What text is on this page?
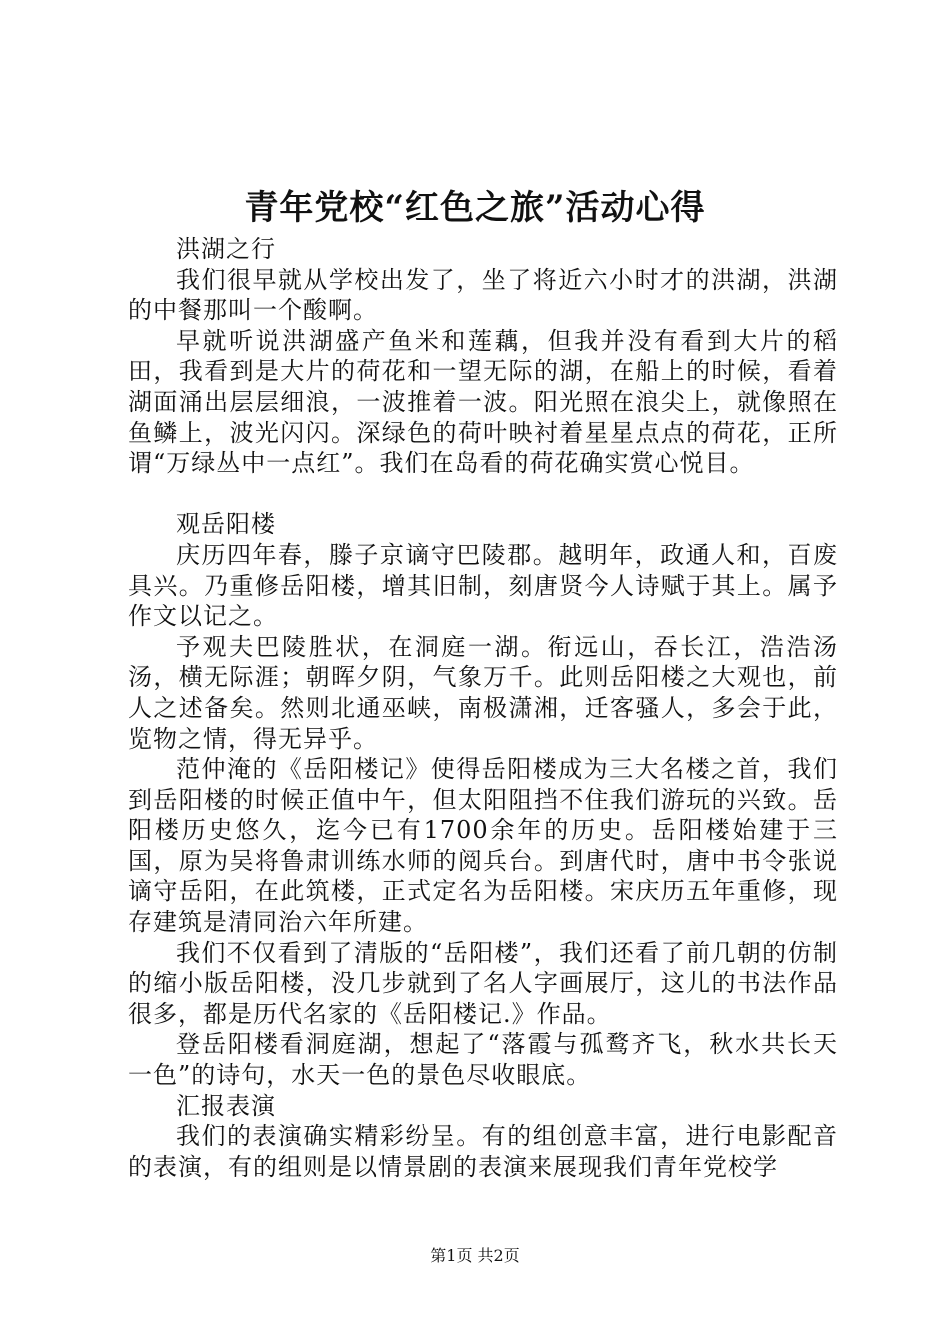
青年党校“红色之旅”活动心得
洪湖之行
我们很早就从学校出发了，坐了将近六小时才的洪湖，洪湖的中餐那叫一个酸啊。
早就听说洪湖盛产鱼米和莲藕，但我并没有看到大片的稻田，我看到是大片的荷花和一望无际的湖，在船上的时候，看着湖面涌出层层细浪，一波推着一波。阳光照在浪尖上，就像照在鱼鳞上，波光闪闪。深绿色的荷叶映衬着星星点点的荷花，正所谓“万绿丛中一点红”。我们在岛看的荷花确实赏心悦目。
观岳阳楼
庆历四年春，滕子京谪守巴陵郡。越明年，政通人和，百废具兴。乃重修岳阳楼，增其旧制，刻唐贤今人诗赋于其上。属予作文以记之。
予观夫巴陵胜状，在洞庭一湖。衔远山，吞长江，浩浩汤汤，横无际涯；朝晖夕阴，气象万千。此则岳阳楼之大观也，前人之述备矣。然则北通巫峡，南极潇湘，迁客骚人，多会于此，览物之情，得无异乎。
范仲淹的《岳阳楼记》使得岳阳楼成为三大名楼之首，我们到岳阳楼的时候正值中午，但太阳阻挡不住我们游玩的兴致。岳阳楼历史悠久，迄今已有1700余年的历史。岳阳楼始建于三国，原为吴将鲁肃训练水师的阅兵台。到唐代时，唐中书令张说谪守岳阳，在此筑楼，正式定名为岳阳楼。宋庆历五年重修，现存建筑是清同治六年所建。
我们不仅看到了清版的“岳阳楼”，我们还看了前几朝的仿制的缩小版岳阳楼，没几步就到了名人字画展厅，这儿的书法作品很多，都是历代名家的《岳阳楼记.》作品。
登岳阳楼看洞庭湖，想起了“落霞与孤鹜齐飞，秋水共长天一色”的诗句，水天一色的景色尽收眼底。
汇报表演
我们的表演确实精彩纷呈。有的组创意丰富，进行电影配音的表演，有的组则是以情景剧的表演来展现我们青年党校学
第1页 共2页
